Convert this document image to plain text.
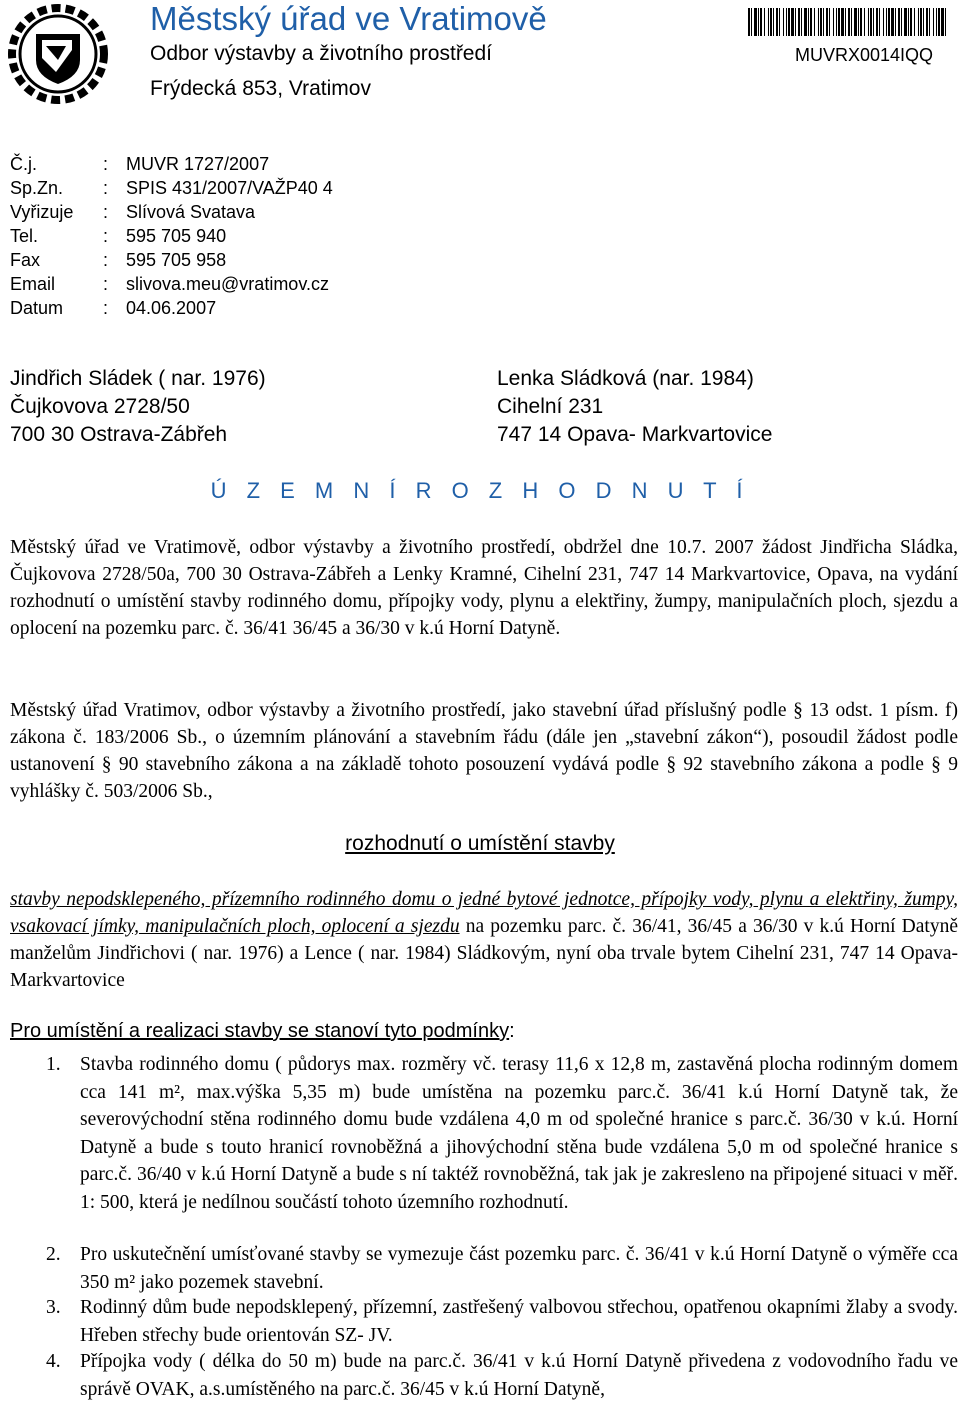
Městský úřad ve Vratimově
Odbor výstavby a životního prostředí
Frýdecká 853, Vratimov
MUVRX0014IQQ
Č.j.	: MUVR 1727/2007
Sp.Zn. : SPIS 431/2007/VAŽP40 4
Vyřizuje : Slívová Svatava
Tel.	: 595 705 940
Fax	: 595 705 958
Email	: slivova.meu@vratimov.cz
Datum : 04.06.2007
Jindřich Sládek ( nar. 1976)
Čujkovova 2728/50
700 30 Ostrava-Zábřeh
Lenka Sládková (nar. 1984)
Cihelní 231
747 14 Opava- Markvartovice
Ú Z E M N Í R O Z H O D N U T Í
Městský úřad ve Vratimově, odbor výstavby a životního prostředí, obdržel dne 10.7. 2007 žádost Jindřicha Sládka, Čujkovova 2728/50a, 700 30 Ostrava-Zábřeh a Lenky Kramné, Cihelní 231, 747 14 Markvartovice, Opava, na vydání rozhodnutí o umístění stavby rodinného domu, přípojky vody, plynu a elektřiny, žumpy, manipulačních ploch, sjezdu a oplocení na pozemku parc. č. 36/41 36/45 a 36/30 v k.ú Horní Datyně.
Městský úřad Vratimov, odbor výstavby a životního prostředí, jako stavební úřad příslušný podle § 13 odst. 1 písm. f) zákona č. 183/2006 Sb., o územním plánování a stavebním řádu (dále jen „stavební zákon“), posoudil žádost podle ustanovení § 90 stavebního zákona a na základě tohoto posouzení vydává podle § 92 stavebního zákona a podle § 9 vyhlášky č. 503/2006 Sb.,
rozhodnutí o umístění stavby
stavby nepodsklepeného, přízemního rodinného domu o jedné bytové jednotce, přípojky vody, plynu a elektřiny, žumpy, vsakovací jímky, manipulačních ploch, oplocení a sjezdu na pozemku parc. č. 36/41, 36/45 a 36/30 v k.ú Horní Datyně manželům Jindřichovi ( nar. 1976) a Lence ( nar. 1984) Sládkovým, nyní oba trvale bytem Cihelní 231, 747 14 Opava-Markvartovice
Pro umístění a realizaci stavby se stanoví tyto podmínky:
1. Stavba rodinného domu ( půdorys max. rozměry vč. terasy 11,6 x 12,8 m, zastavěná plocha rodinným domem cca 141 m², max.výška 5,35 m) bude umístěna na pozemku parc.č. 36/41 k.ú Horní Datyně tak, že severovýchodní stěna rodinného domu bude vzdálena 4,0 m od společné hranice s parc.č. 36/30 v k.ú. Horní Datyně a bude s touto hranicí rovnoběžná a jihovýchodní stěna bude vzdálena 5,0 m od společné hranice s parc.č. 36/40 v k.ú Horní Datyně a bude s ní taktéž rovnoběžná, tak jak je zakresleno na připojené situaci v měř. 1: 500, která je nedílnou součástí tohoto územního rozhodnutí.
2. Pro uskutečnění umísťované stavby se vymezuje část pozemku parc. č. 36/41 v k.ú Horní Datyně o výměře cca 350 m² jako pozemek stavební.
3. Rodinný dům bude nepodsklepený, přízemní, zastřešený valbovou střechou, opatřenou okapními žlaby a svody. Hřeben střechy bude orientován SZ- JV.
4. Přípojka vody ( délka do 50 m) bude na parc.č. 36/41 v k.ú Horní Datyně přivedena z vodovodního řadu ve správě OVAK, a.s.umístěného na parc.č. 36/45 v k.ú Horní Datyně,
